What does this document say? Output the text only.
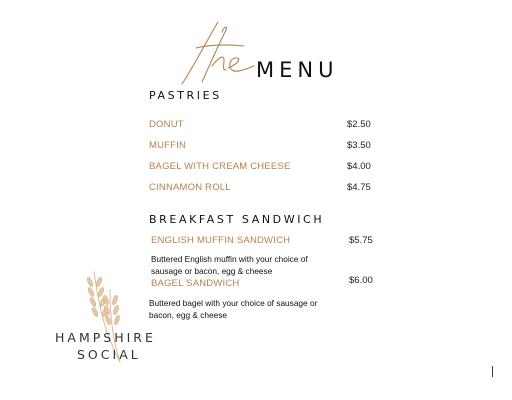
the
MENU
PASTRIES
DONUT	$2.50
MUFFIN	$3.50
BAGEL WITH CREAM CHEESE	$4.00
CINNAMON ROLL	$4.75
BREAKFAST SANDWICH
ENGLISH MUFFIN SANDWICH	$5.75
Buttered English muffin with your choice of
sausage or bacon, egg & cheese
BAGEL SANDWICH	$6.00
Buttered bagel with your choice of sausage or
bacon, egg & cheese
HAMPSHIRE
SOCIAL
